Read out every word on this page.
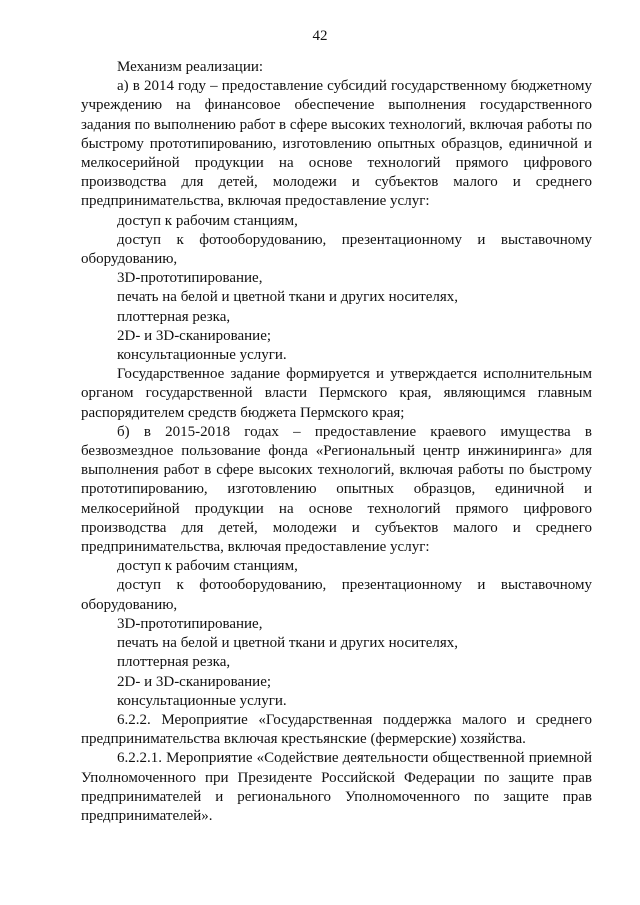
42

Механизм реализации:

а) в 2014 году – предоставление субсидий государственному бюджетному учреждению на финансовое обеспечение выполнения государственного задания по выполнению работ в сфере высоких технологий, включая работы по быстрому прототипированию, изготовлению опытных образцов, единичной и мелкосерийной продукции на основе технологий прямого цифрового производства для детей, молодежи и субъектов малого и среднего предпринимательства, включая предоставление услуг:

доступ к рабочим станциям,

доступ к фотооборудованию, презентационному и выставочному оборудованию,

3D-прототипирование,

печать на белой и цветной ткани и других носителях,

плоттерная резка,

2D- и 3D-сканирование;

консультационные услуги.

Государственное задание формируется и утверждается исполнительным органом государственной власти Пермского края, являющимся главным распорядителем средств бюджета Пермского края;

б) в 2015-2018 годах – предоставление краевого имущества в безвозмездное пользование фонда «Региональный центр инжиниринга» для выполнения работ в сфере высоких технологий, включая работы по быстрому прототипированию, изготовлению опытных образцов, единичной и мелкосерийной продукции на основе технологий прямого цифрового производства для детей, молодежи и субъектов малого и среднего предпринимательства, включая предоставление услуг:

доступ к рабочим станциям,

доступ к фотооборудованию, презентационному и выставочному оборудованию,

3D-прототипирование,

печать на белой и цветной ткани и других носителях,

плоттерная резка,

2D- и 3D-сканирование;

консультационные услуги.

6.2.2. Мероприятие «Государственная поддержка малого и среднего предпринимательства включая крестьянские (фермерские) хозяйства.

6.2.2.1. Мероприятие «Содействие деятельности общественной приемной Уполномоченного при Президенте Российской Федерации по защите прав предпринимателей и регионального Уполномоченного по защите прав предпринимателей».
